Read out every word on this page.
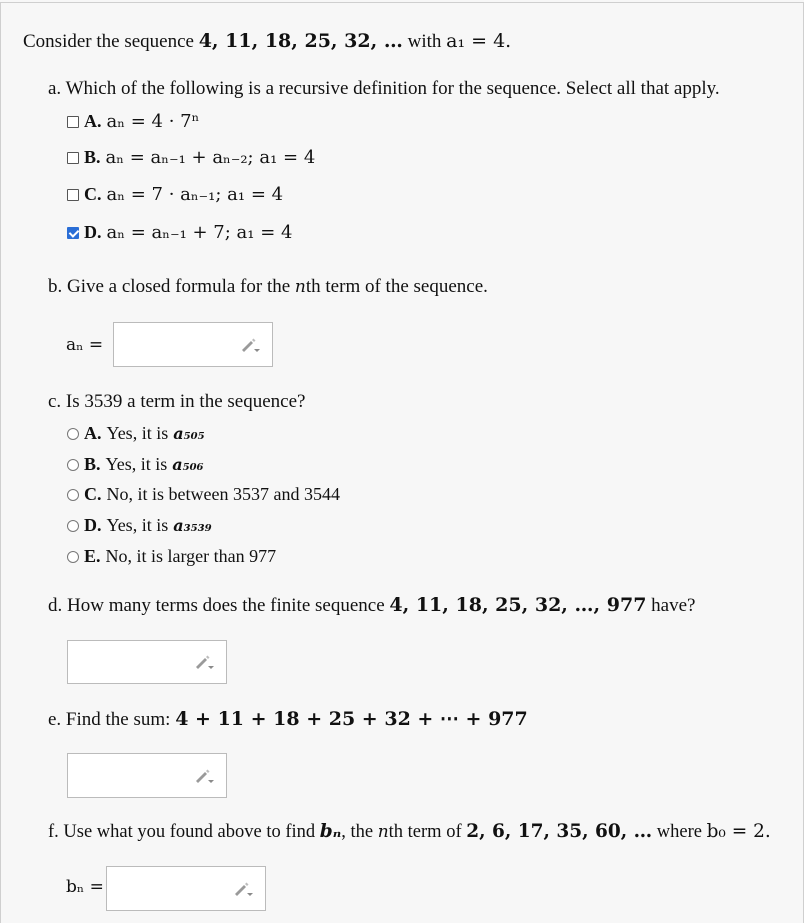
Consider the sequence 4, 11, 18, 25, 32, … with a₁ = 4.
a. Which of the following is a recursive definition for the sequence. Select all that apply.
A. aₙ = 4 · 7ⁿ
B. aₙ = aₙ₋₁ + aₙ₋₂; a₁ = 4
C. aₙ = 7 · aₙ₋₁; a₁ = 4
D. aₙ = aₙ₋₁ + 7; a₁ = 4
b. Give a closed formula for the nth term of the sequence.
aₙ =
c. Is 3539 a term in the sequence?
A. Yes, it is a₅₀₅
B. Yes, it is a₅₀₆
C. No, it is between 3537 and 3544
D. Yes, it is a₃₅₃₉
E. No, it is larger than 977
d. How many terms does the finite sequence 4, 11, 18, 25, 32, …, 977 have?
e. Find the sum: 4 + 11 + 18 + 25 + 32 + ⋯ + 977
f. Use what you found above to find bₙ, the nth term of 2, 6, 17, 35, 60, … where b₀ = 2.
bₙ =
